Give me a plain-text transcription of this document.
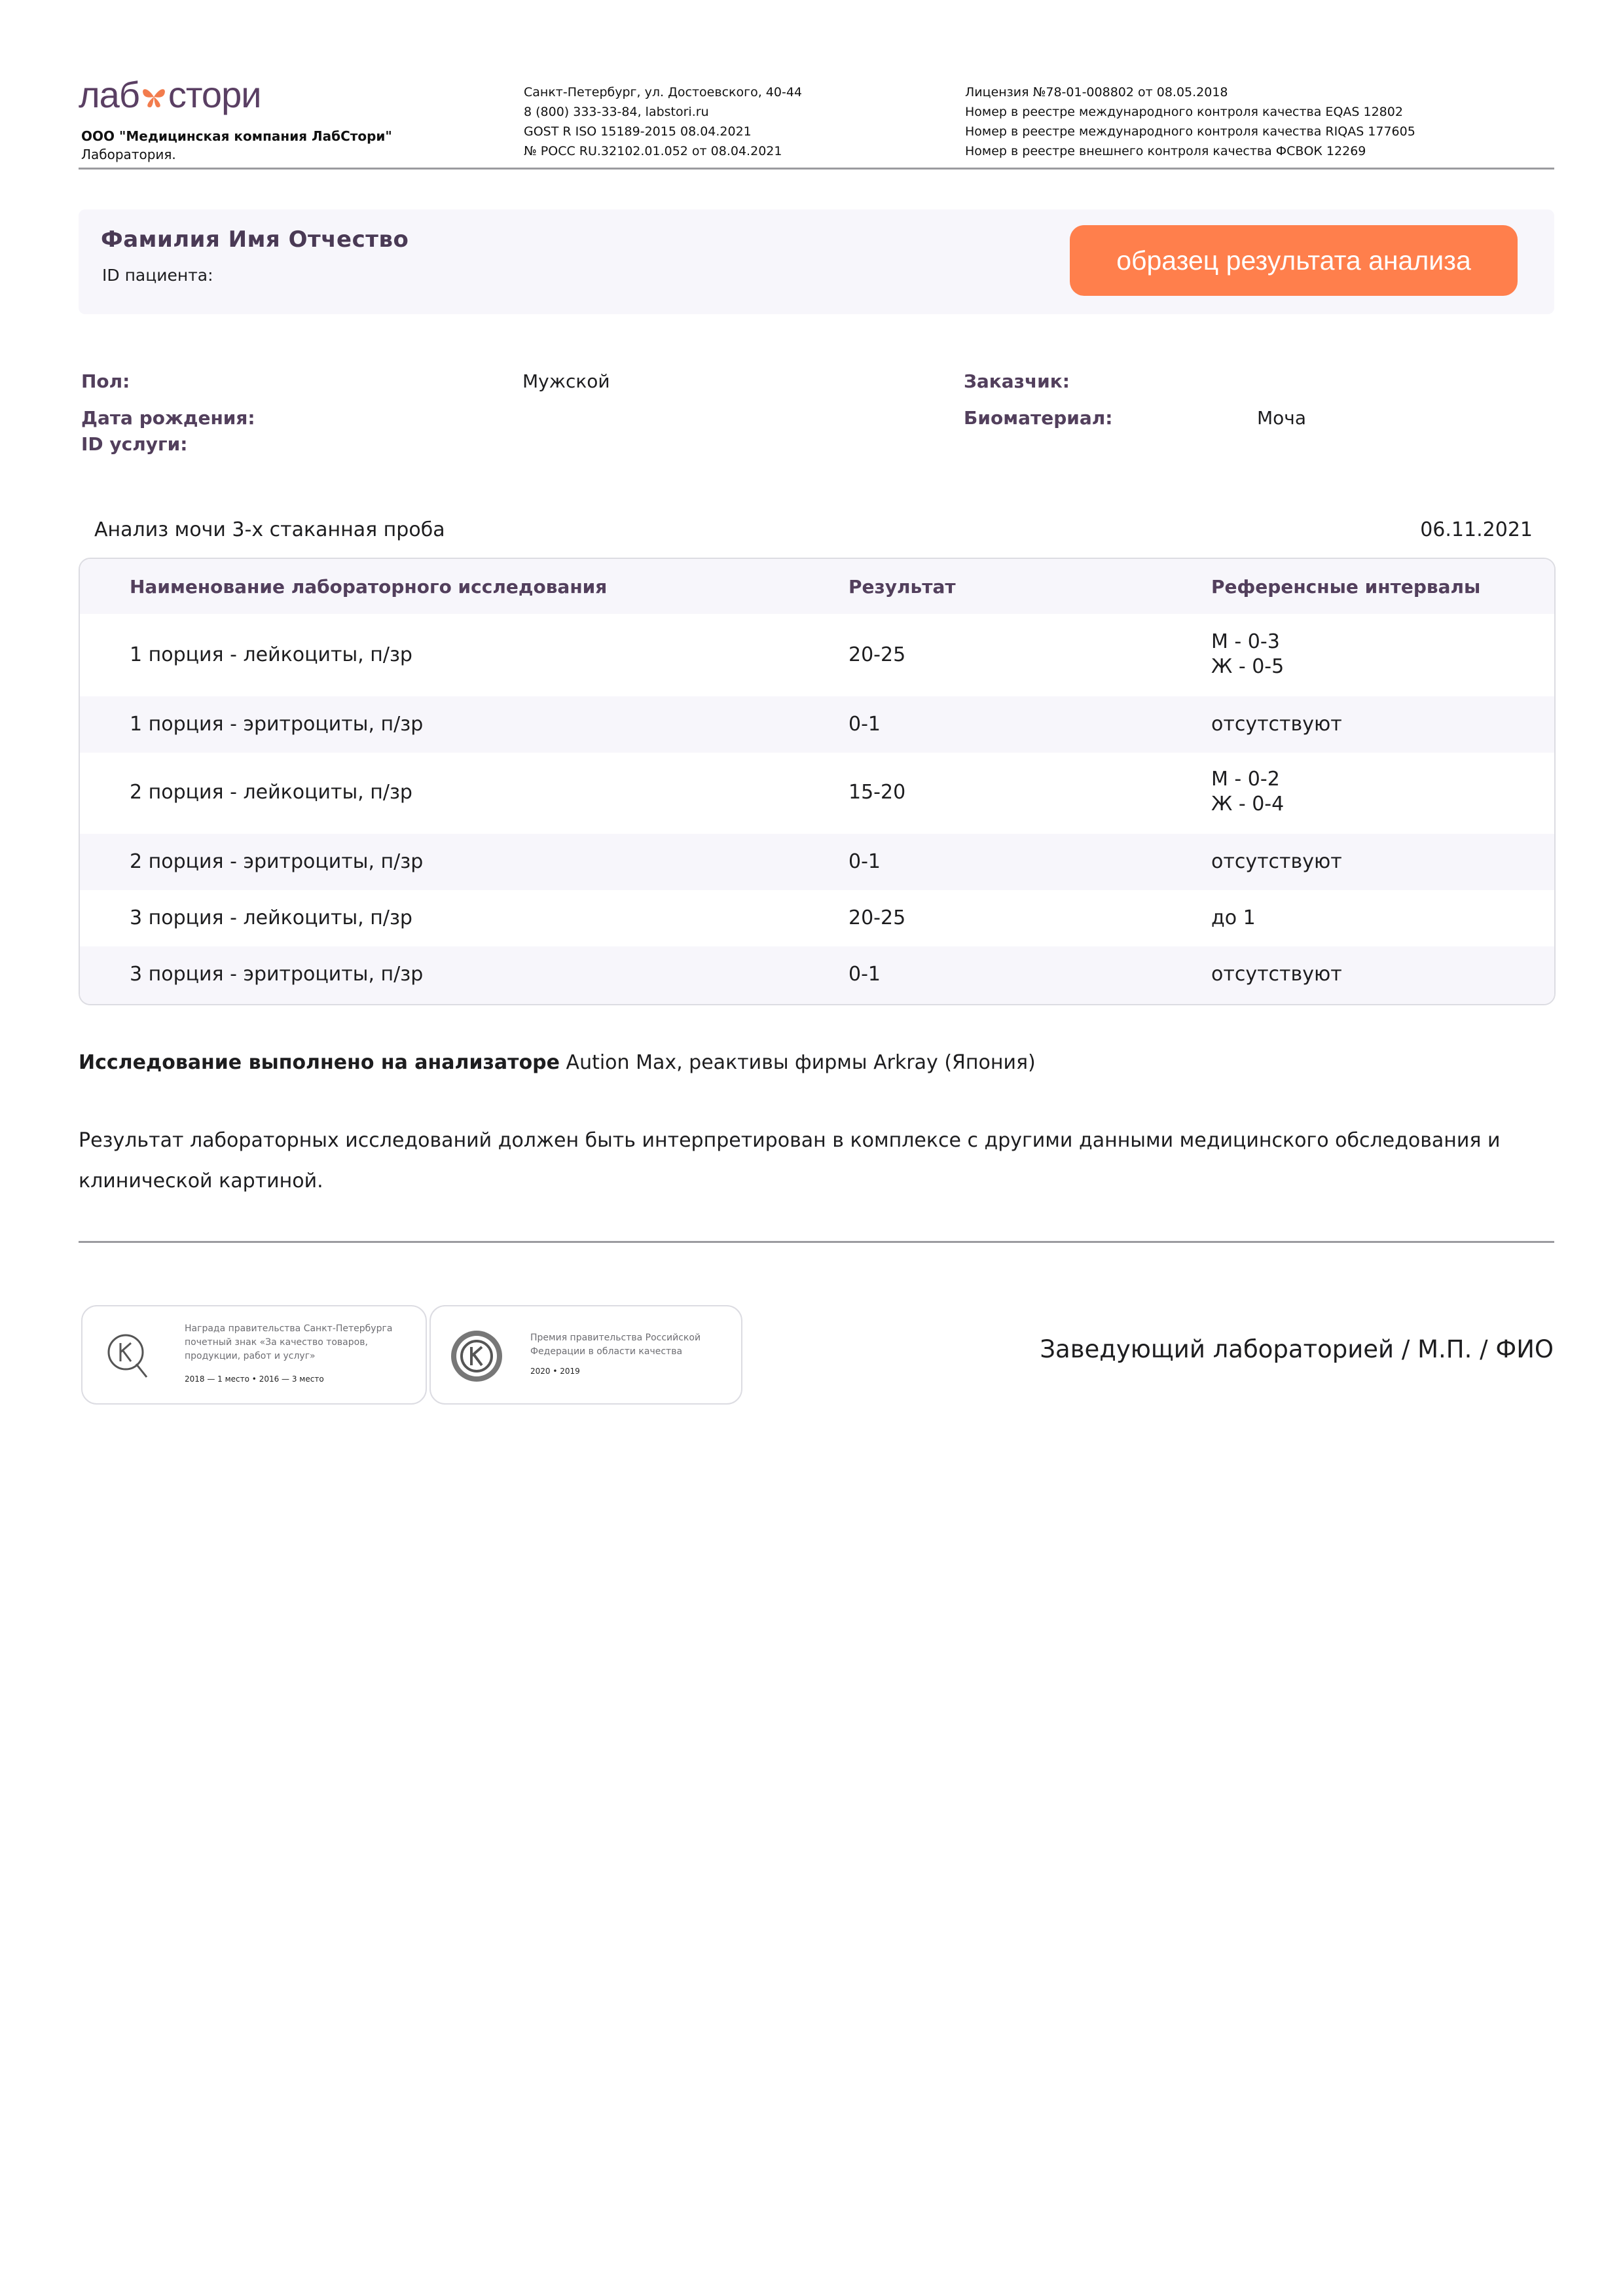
лаб стори
ООО "Медицинская компания ЛабСтори"
Лаборатория.
Санкт-Петербург, ул. Достоевского, 40-44
8 (800) 333-33-84, labstori.ru
GOST R ISO 15189-2015 08.04.2021
№ РОСС RU.32102.01.052 от 08.04.2021
Лицензия №78-01-008802 от 08.05.2018
Номер в реестре международного контроля качества EQAS 12802
Номер в реестре международного контроля качества RIQAS 177605
Номер в реестре внешнего контроля качества ФСВОК 12269
Фамилия Имя Отчество
ID пациента:	образец результата анализа
Пол:	Мужской	Заказчик:
Дата рождения:	Биоматериал:	Моча
ID услуги:
Анализ мочи 3-х стаканная проба	06.11.2021
Наименование лабораторного исследования	Результат	Референсные интервалы
1 порция - лейкоциты, п/зр	20-25
М - 0-3
Ж - 0-5
1 порция - эритроциты, п/зр	0-1	отсутствуют
2 порция - лейкоциты, п/зр	15-20
М - 0-2
Ж - 0-4
2 порция - эритроциты, п/зр	0-1	отсутствуют
3 порция - лейкоциты, п/зр	20-25	до 1
3 порция - эритроциты, п/зр	0-1	отсутствуют
Исследование выполнено на анализаторе Aution Max, реактивы фирмы Arkray (Япония)
Результат лабораторных исследований должен быть интерпретирован в комплексе с другими данными медицинского обследования и
клинической картиной.
Награда правительства Санкт-Петербурга
почетный знак «За качество товаров,
продукции, работ и услуг»
2018 — 1 место • 2016 — 3 место
Премия правительства Российской
Федерации в области качества
2020 • 2019
Заведующий лабораторией / М.П. / ФИО
